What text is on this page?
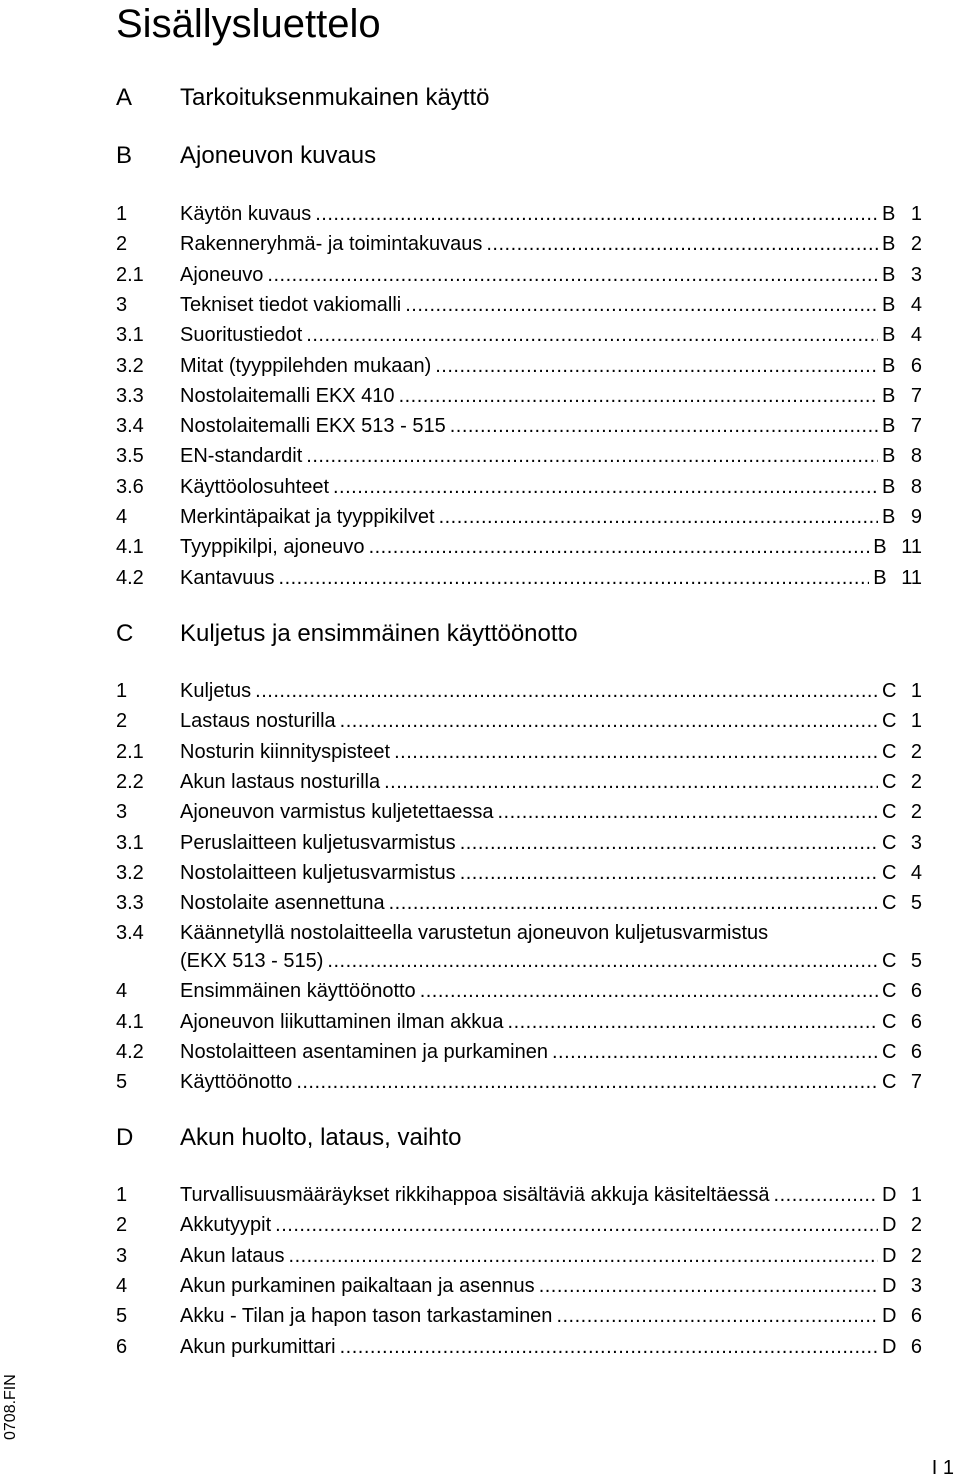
Sisällysluettelo
A Tarkoituksenmukainen käyttö
B Ajoneuvon kuvaus
1	Käytön kuvaus .....	B 1
2	Rakenneryhmä- ja toimintakuvaus .....	B 2
2.1 Ajoneuvo .....	B 3
3	Tekniset tiedot vakiomalli .....	B 4
3.1 Suoritustiedot .....	B 4
3.2 Mitat (tyyppilehden mukaan) .....	B 6
3.3 Nostolaitemalli EKX 410 .....	B 7
3.4 Nostolaitemalli EKX 513 - 515 .....	B 7
3.5 EN-standardit .....	B 8
3.6 Käyttöolosuhteet .....	B 8
4	Merkintäpaikat ja tyyppikilvet .....	B 9
4.1 Tyyppikilpi, ajoneuvo .....	B 11
4.2 Kantavuus .....	B 11
C Kuljetus ja ensimmäinen käyttöönotto
1	Kuljetus .....	C 1
2	Lastaus nosturilla .....	C 1
2.1 Nosturin kiinnityspisteet .....	C 2
2.2 Akun lastaus nosturilla .....	C 2
3	Ajoneuvon varmistus kuljetettaessa .....	C 2
3.1 Peruslaitteen kuljetusvarmistus .....	C 3
3.2 Nostolaitteen kuljetusvarmistus .....	C 4
3.3 Nostolaite asennettuna .....	C 5
3.4 Käännetyllä nostolaitteella varustetun ajoneuvon kuljetusvarmistus
(EKX 513 - 515) .....	C 5
4	Ensimmäinen käyttöönotto .....	C 6
4.1 Ajoneuvon liikuttaminen ilman akkua .....	C 6
4.2 Nostolaitteen asentaminen ja purkaminen .....	C 6
5	Käyttöönotto .....	C 7
D Akun huolto, lataus, vaihto
1	Turvallisuusmääräykset rikkihappoa sisältäviä akkuja käsiteltäessä .....	D 1
2	Akkutyypit .....	D 2
3	Akun lataus .....	D 2
4	Akun purkaminen paikaltaan ja asennus .....	D 3
5	Akku - Tilan ja hapon tason tarkastaminen .....	D 6
6	Akun purkumittari .....	D 6
0708.FIN
I 1
